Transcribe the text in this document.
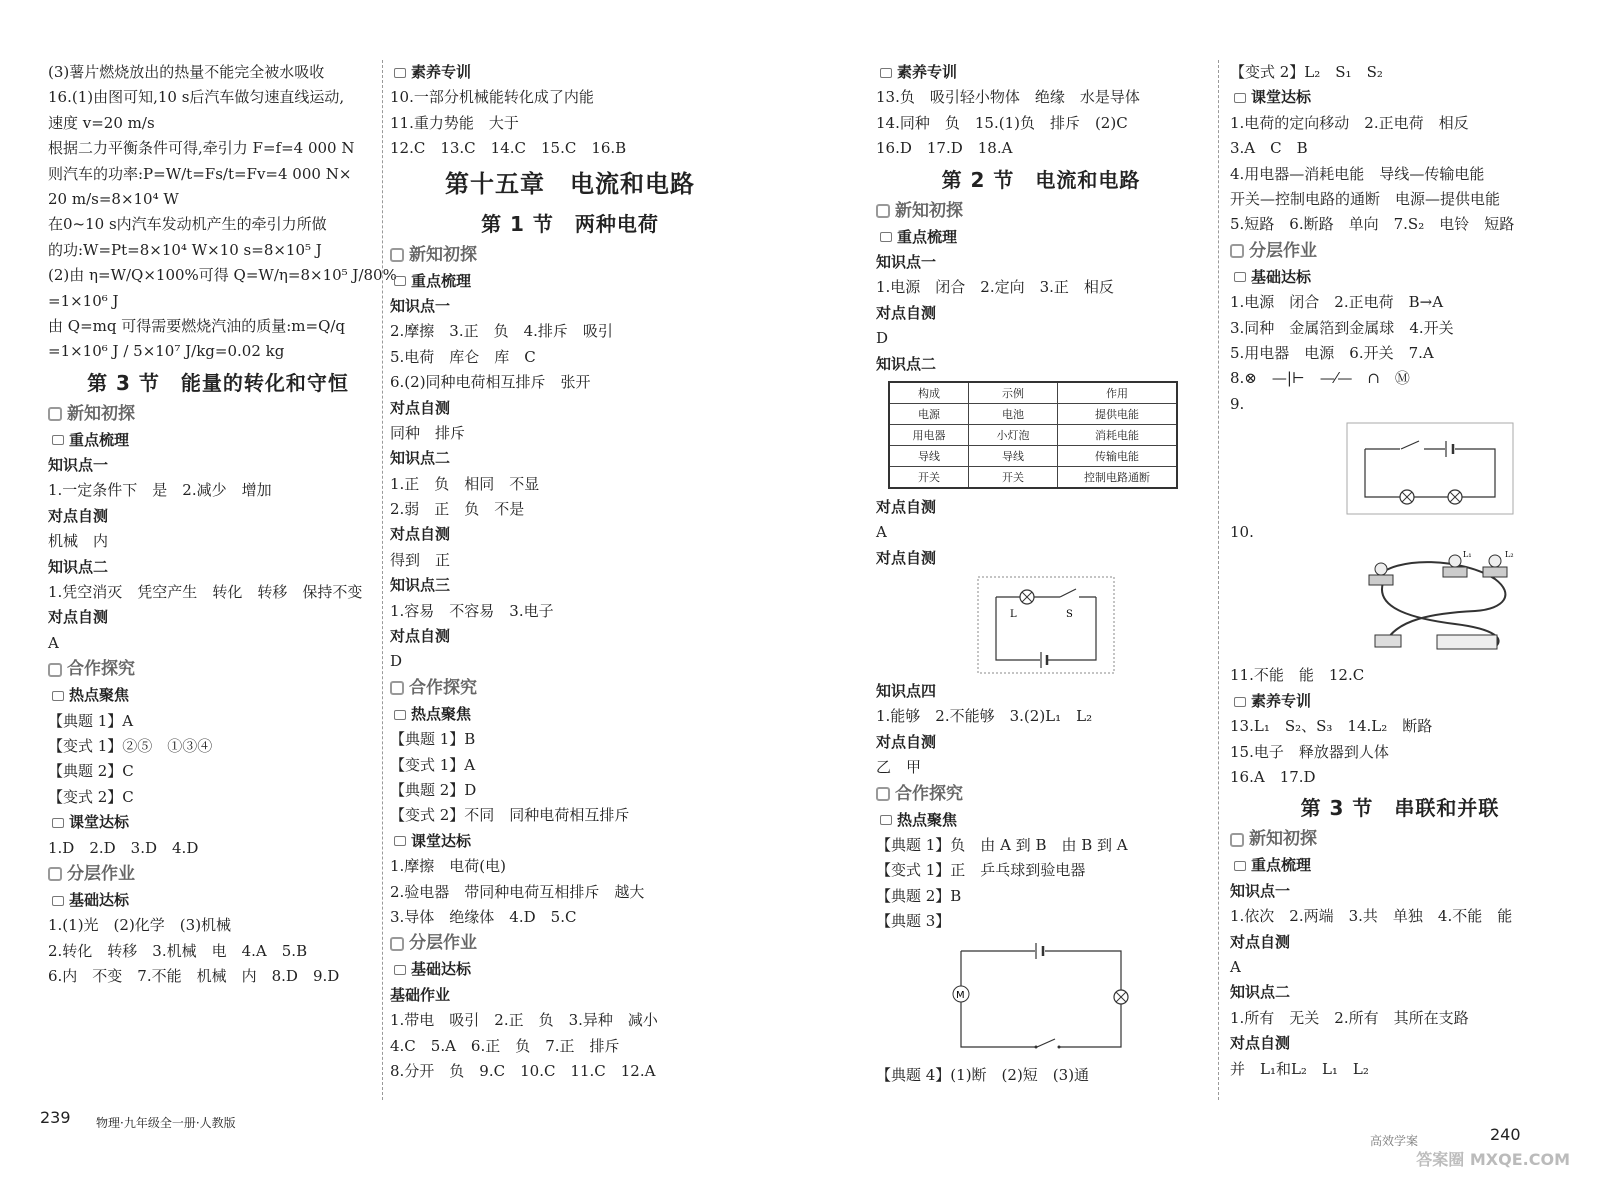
(3)薯片燃烧放出的热量不能完全被水吸收
16.(1)由图可知,10 s后汽车做匀速直线运动,
速度 v=20 m/s
根据二力平衡条件可得,牵引力 F=f=4 000 N
则汽车的功率:P=W/t=Fs/t=Fv=4 000 N×
20 m/s=8×10⁴ W
在0~10 s内汽车发动机产生的牵引力所做
的功:W=Pt=8×10⁴ W×10 s=8×10⁵ J
(2)由 η=W/Q×100%可得 Q=W/η=8×10⁵ J/80%
=1×10⁶ J
由 Q=mq 可得需要燃烧汽油的质量:m=Q/q
=1×10⁶ J / 5×10⁷ J/kg=0.02 kg
第 3 节　能量的转化和守恒
新知初探
重点梳理
知识点一
1.一定条件下　是　2.减少　增加
对点自测
机械　内
知识点二
1.凭空消灭　凭空产生　转化　转移　保持不变
对点自测
A
合作探究
热点聚焦
【典题 1】A
【变式 1】②⑤　①③④
【典题 2】C
【变式 2】C
课堂达标
1.D　2.D　3.D　4.D
分层作业
基础达标
1.(1)光　(2)化学　(3)机械
2.转化　转移　3.机械　电　4.A　5.B
6.内　不变　7.不能　机械　内　8.D　9.D
素养专训
10.一部分机械能转化成了内能
11.重力势能　大于
12.C　13.C　14.C　15.C　16.B
第十五章　电流和电路
第 1 节　两种电荷
新知初探
重点梳理
知识点一
2.摩擦　3.正　负　4.排斥　吸引
5.电荷　库仑　库　C
6.(2)同种电荷相互排斥　张开
对点自测
同种　排斥
知识点二
1.正　负　相同　不显
2.弱　正　负　不是
对点自测
得到　正
知识点三
1.容易　不容易　3.电子
对点自测
D
合作探究
热点聚焦
【典题 1】B
【变式 1】A
【典题 2】D
【变式 2】不同　同种电荷相互排斥
课堂达标
1.摩擦　电荷(电)
2.验电器　带同种电荷互相排斥　越大
3.导体　绝缘体　4.D　5.C
分层作业
基础达标
基础作业
1.带电　吸引　2.正　负　3.异种　减小
4.C　5.A　6.正　负　7.正　排斥
8.分开　负　9.C　10.C　11.C　12.A
素养专训
13.负　吸引轻小物体　绝缘　水是导体
14.同种　负　15.(1)负　排斥　(2)C
16.D　17.D　18.A
第 2 节　电流和电路
新知初探
重点梳理
知识点一
1.电源　闭合　2.定向　3.正　相反
对点自测
D
知识点二
构成	示例	作用
电源	电池	提供电能
用电器	小灯泡	消耗电能
导线	导线	传输电能
开关	开关	控制电路通断
对点自测
A
对点自测
L	S
知识点四
1.能够　2.不能够　3.(2)L₁　L₂
对点自测
乙　甲
合作探究
热点聚焦
【典题 1】负　由 A 到 B　由 B 到 A
【变式 1】正　乒乓球到验电器
【典题 2】B
【典题 3】
M
【典题 4】(1)断　(2)短　(3)通
【变式 2】L₂　S₁　S₂
课堂达标
1.电荷的定向移动　2.正电荷　相反
3.A　C　B
4.用电器—消耗电能　导线—传输电能
开关—控制电路的通断　电源—提供电能
5.短路　6.断路　单向　7.S₂　电铃　短路
分层作业
基础达标
1.电源　闭合　2.正电荷　B→A
3.同种　金属箔到金属球　4.开关
5.用电器　电源　6.开关　7.A
8.⊗　—|⊢　—⁄—　∩　Ⓜ
9.
10.
L₁	L₂
11.不能　能　12.C
素养专训
13.L₁　S₂、S₃　14.L₂　断路
15.电子　释放器到人体
16.A　17.D
第 3 节　串联和并联
新知初探
重点梳理
知识点一
1.依次　2.两端　3.共　单独　4.不能　能
对点自测
A
知识点二
1.所有　无关　2.所有　其所在支路
对点自测
并　L₁和L₂　L₁　L₂
239 物理·九年级全一册·人教版
高效学案	240
答案圈 MXQE.COM
